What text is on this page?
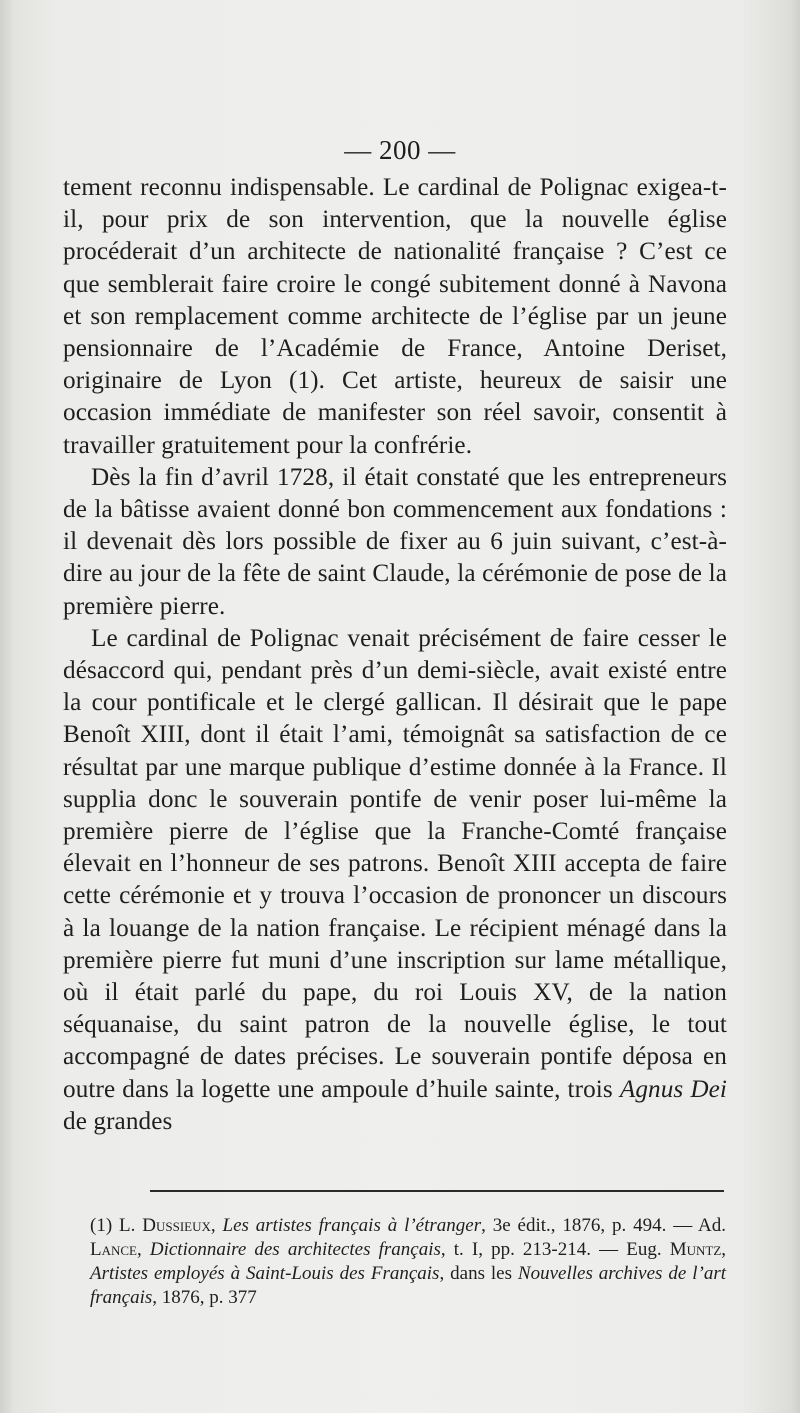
— 200 —

tement reconnu indispensable. Le cardinal de Polignac exigea-t-il, pour prix de son intervention, que la nouvelle église procéderait d’un architecte de nationalité française ? C’est ce que semblerait faire croire le congé subitement donné à Navona et son remplacement comme architecte de l’église par un jeune pensionnaire de l’Académie de France, Antoine Deriset, originaire de Lyon (1). Cet artiste, heureux de saisir une occasion immédiate de manifester son réel savoir, consentit à travailler gratuitement pour la confrérie.

Dès la fin d’avril 1728, il était constaté que les entrepreneurs de la bâtisse avaient donné bon commencement aux fondations : il devenait dès lors possible de fixer au 6 juin suivant, c’est-à-dire au jour de la fête de saint Claude, la cérémonie de pose de la première pierre.

Le cardinal de Polignac venait précisément de faire cesser le désaccord qui, pendant près d’un demi-siècle, avait existé entre la cour pontificale et le clergé gallican. Il désirait que le pape Benoît XIII, dont il était l’ami, témoignât sa satisfaction de ce résultat par une marque publique d’estime donnée à la France. Il supplia donc le souverain pontife de venir poser lui-même la première pierre de l’église que la Franche-Comté française élevait en l’honneur de ses patrons. Benoît XIII accepta de faire cette cérémonie et y trouva l’occasion de prononcer un discours à la louange de la nation française. Le récipient ménagé dans la première pierre fut muni d’une inscription sur lame métallique, où il était parlé du pape, du roi Louis XV, de la nation séquanaise, du saint patron de la nouvelle église, le tout accompagné de dates précises. Le souverain pontife déposa en outre dans la logette une ampoule d’huile sainte, trois Agnus Dei de grandes

(1) L. Dussieux, Les artistes français à l’étranger, 3e édit., 1876, p. 494. — Ad. Lance, Dictionnaire des architectes français, t. I, pp. 213-214. — Eug. Muntz, Artistes employés à Saint-Louis des Français, dans les Nouvelles archives de l’art français, 1876, p. 377
